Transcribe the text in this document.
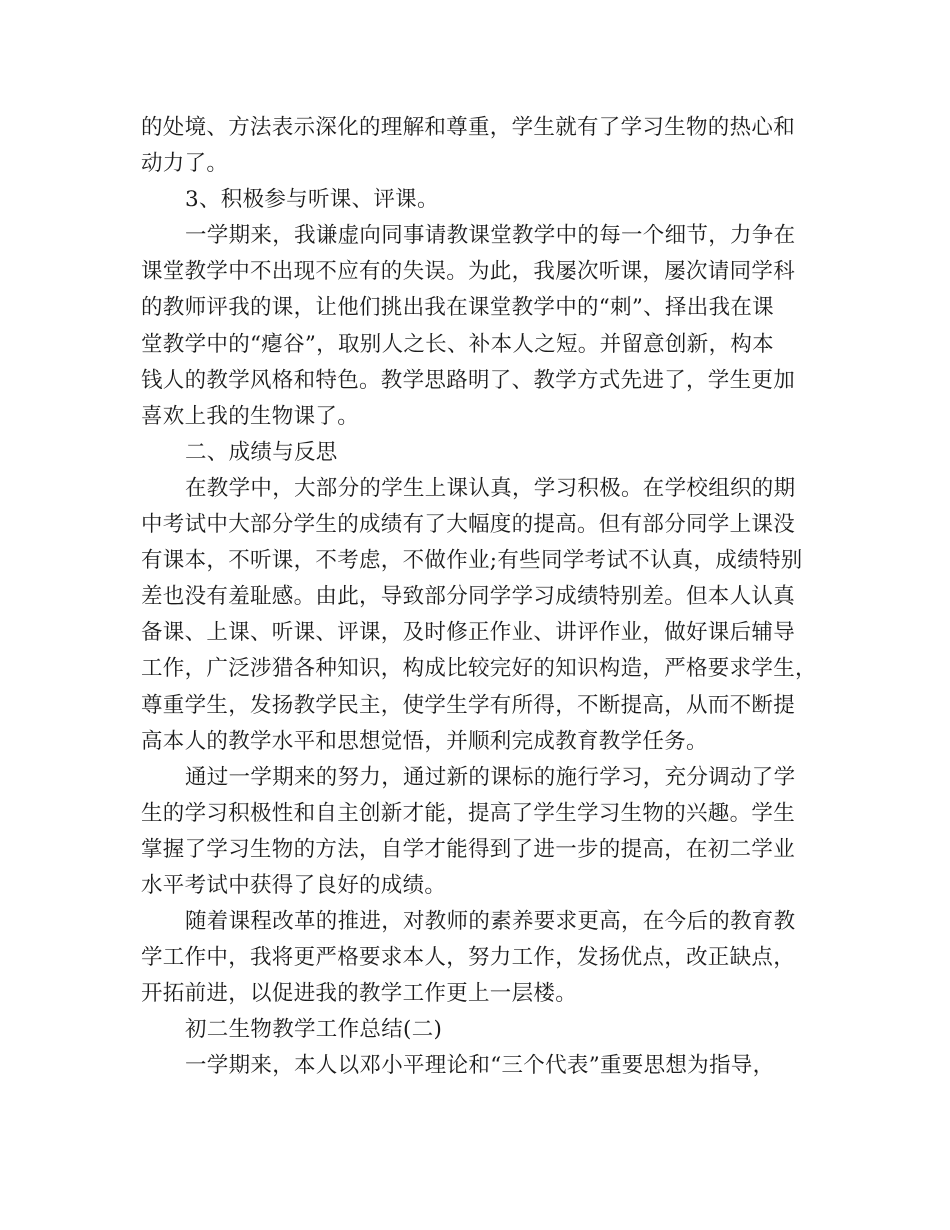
的处境、方法表示深化的理解和尊重，学生就有了学习生物的热心和
动力了。
3、积极参与听课、评课。
一学期来，我谦虚向同事请教课堂教学中的每一个细节，力争在
课堂教学中不出现不应有的失误。为此，我屡次听课，屡次请同学科
的教师评我的课，让他们挑出我在课堂教学中的“刺”、择出我在课
堂教学中的“瘪谷”，取别人之长、补本人之短。并留意创新，构本
钱人的教学风格和特色。教学思路明了、教学方式先进了，学生更加
喜欢上我的生物课了。
二、成绩与反思
在教学中，大部分的学生上课认真，学习积极。在学校组织的期
中考试中大部分学生的成绩有了大幅度的提高。但有部分同学上课没
有课本，不听课，不考虑，不做作业;有些同学考试不认真，成绩特别
差也没有羞耻感。由此，导致部分同学学习成绩特别差。但本人认真
备课、上课、听课、评课，及时修正作业、讲评作业，做好课后辅导
工作，广泛涉猎各种知识，构成比较完好的知识构造，严格要求学生，
尊重学生，发扬教学民主，使学生学有所得，不断提高，从而不断提
高本人的教学水平和思想觉悟，并顺利完成教育教学任务。
通过一学期来的努力，通过新的课标的施行学习，充分调动了学
生的学习积极性和自主创新才能，提高了学生学习生物的兴趣。学生
掌握了学习生物的方法，自学才能得到了进一步的提高，在初二学业
水平考试中获得了良好的成绩。
随着课程改革的推进，对教师的素养要求更高，在今后的教育教
学工作中，我将更严格要求本人，努力工作，发扬优点，改正缺点，
开拓前进，以促进我的教学工作更上一层楼。
初二生物教学工作总结(二)
一学期来，本人以邓小平理论和“三个代表”重要思想为指导，
